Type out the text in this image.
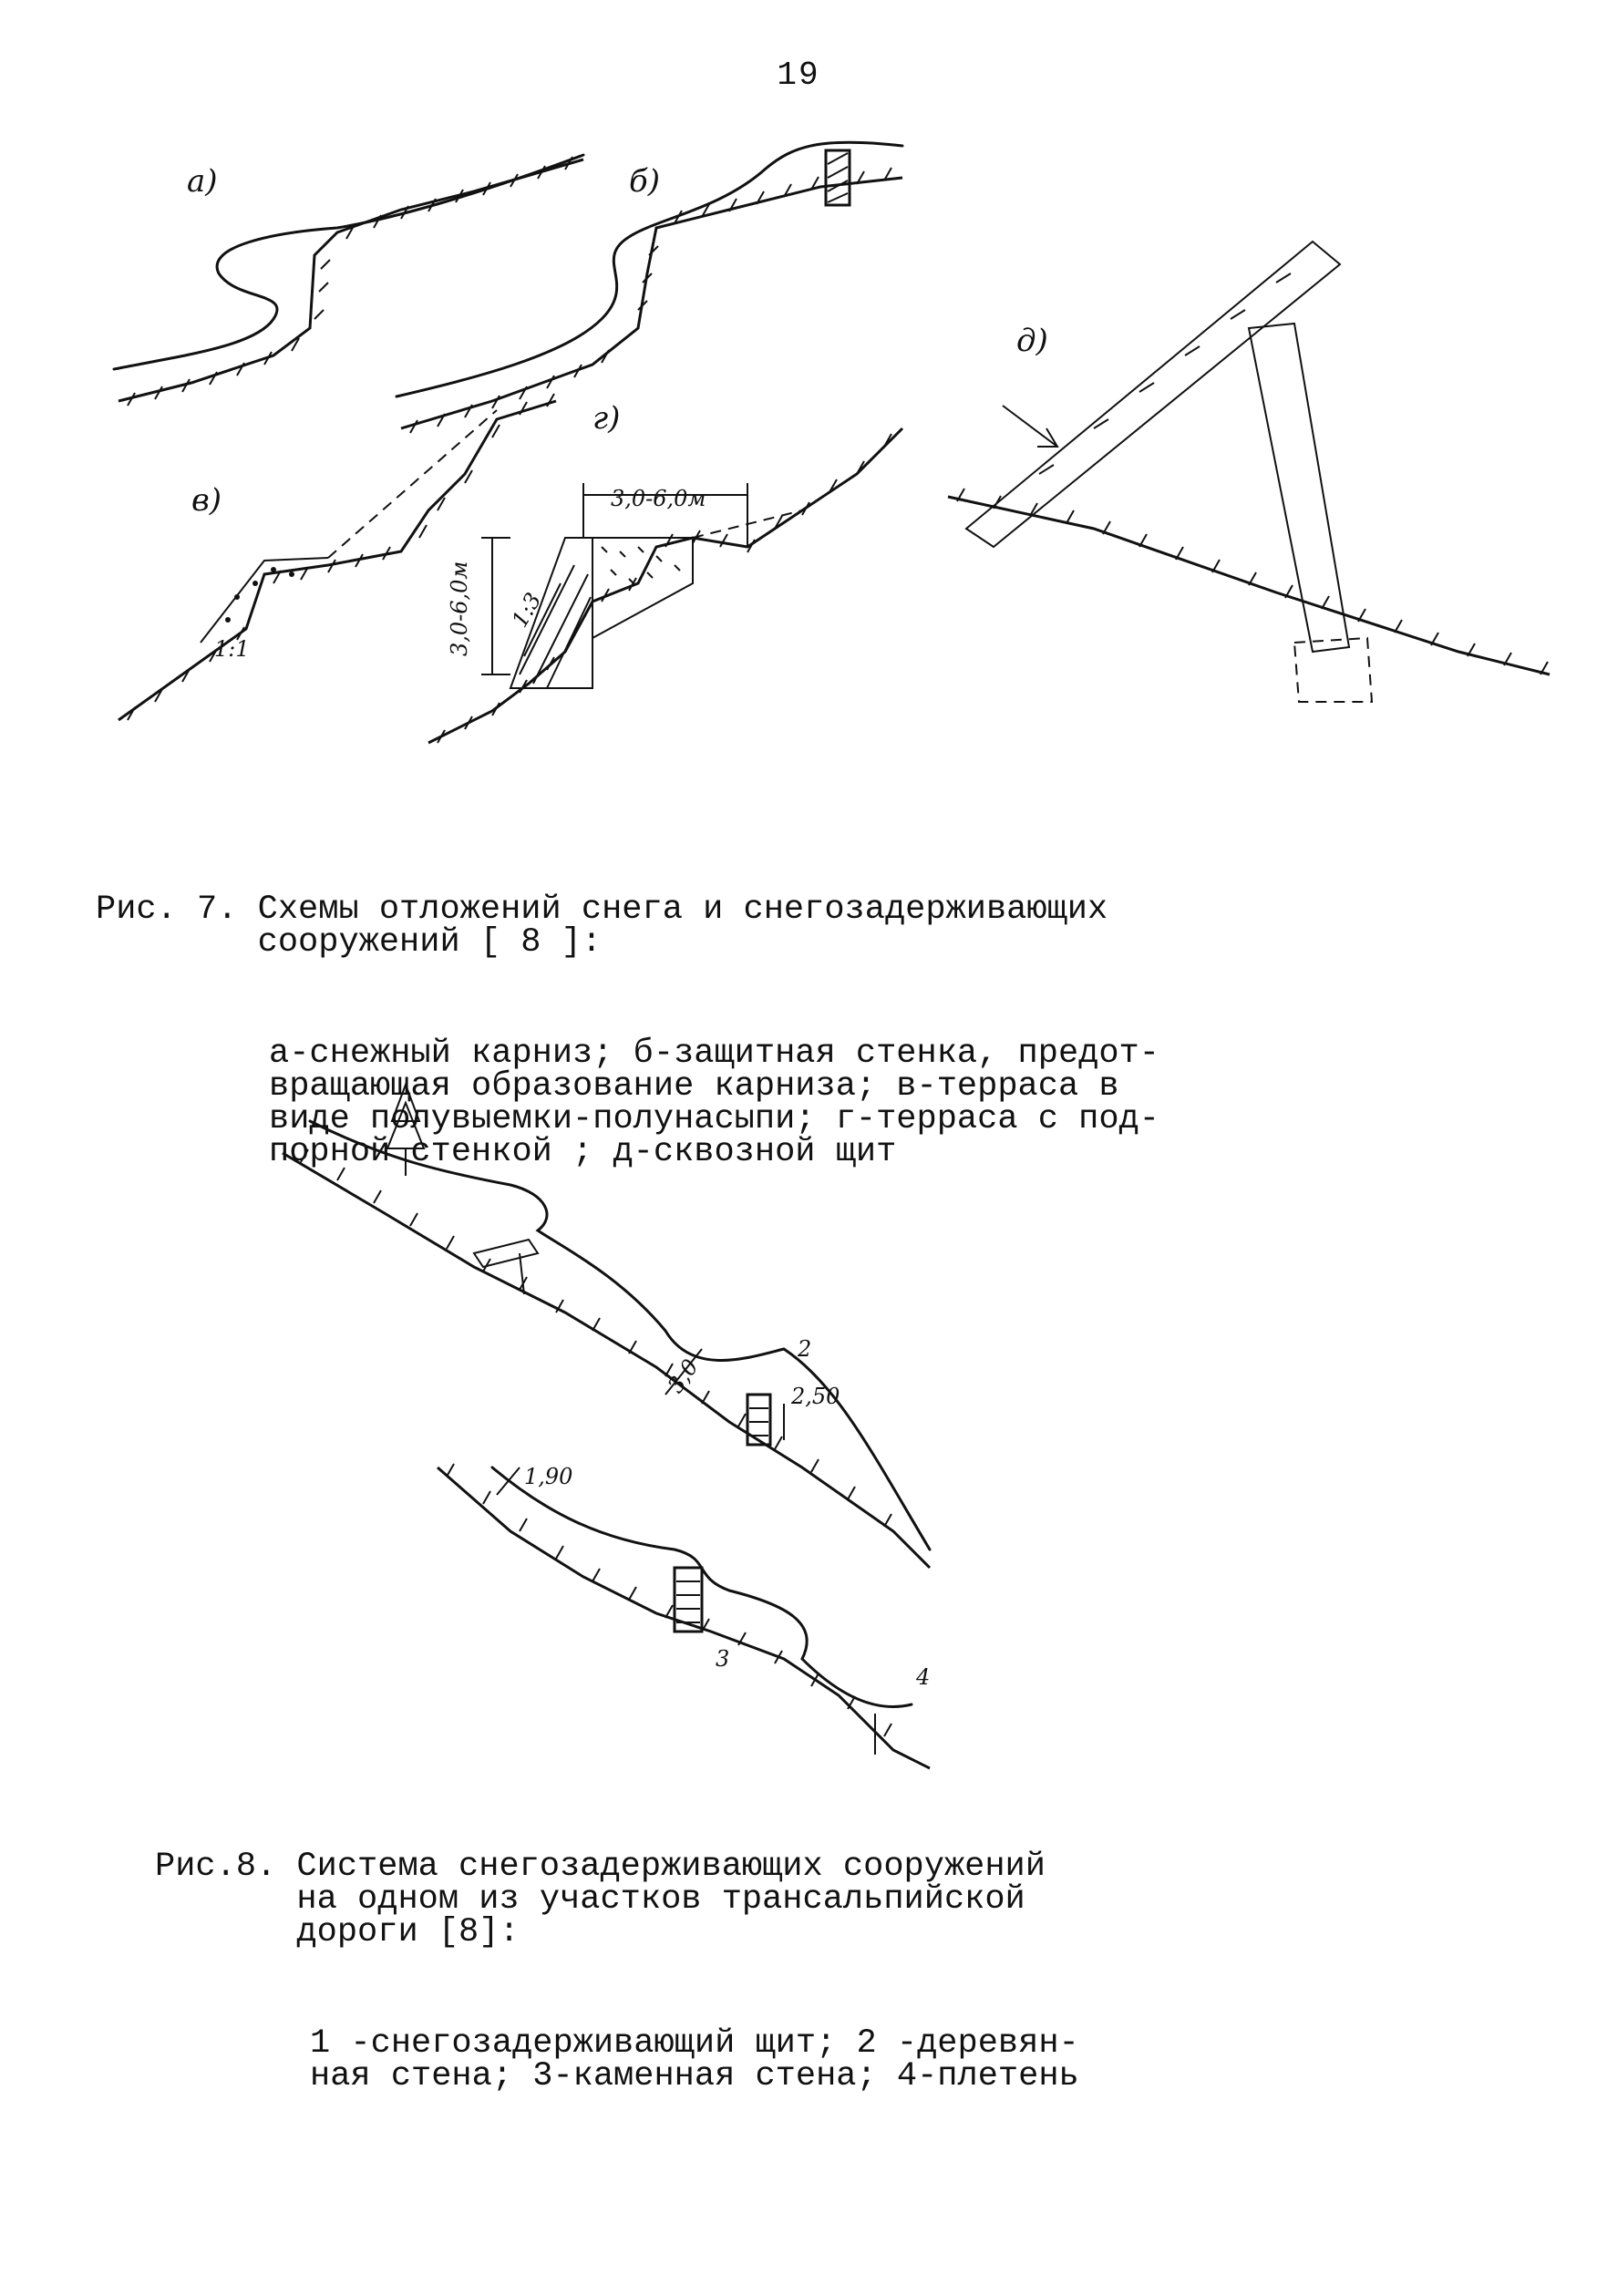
19
а)	б)
в)
1:1
г)
3,0-6,0м
3,0-6,0м 1:3
д)

Рис. 7. Схемы отложений снега и снегозадерживающих
сооружений [ 8 ]:

а-снежный карниз; б-защитная стенка, предот-
вращающая образование карниза; в-терраса в
виде полувыемки-полунасыпи; г-терраса с под-
порной стенкой ; д-сквозной щит

3,0	2,50
2
1,90
3
4

Рис.8. Система снегозадерживающих сооружений
на одном из участков трансальпийской
дороги [8]:

1 -снегозадерживающий щит; 2 -деревян-
ная стена; 3-каменная стена; 4-плетень
